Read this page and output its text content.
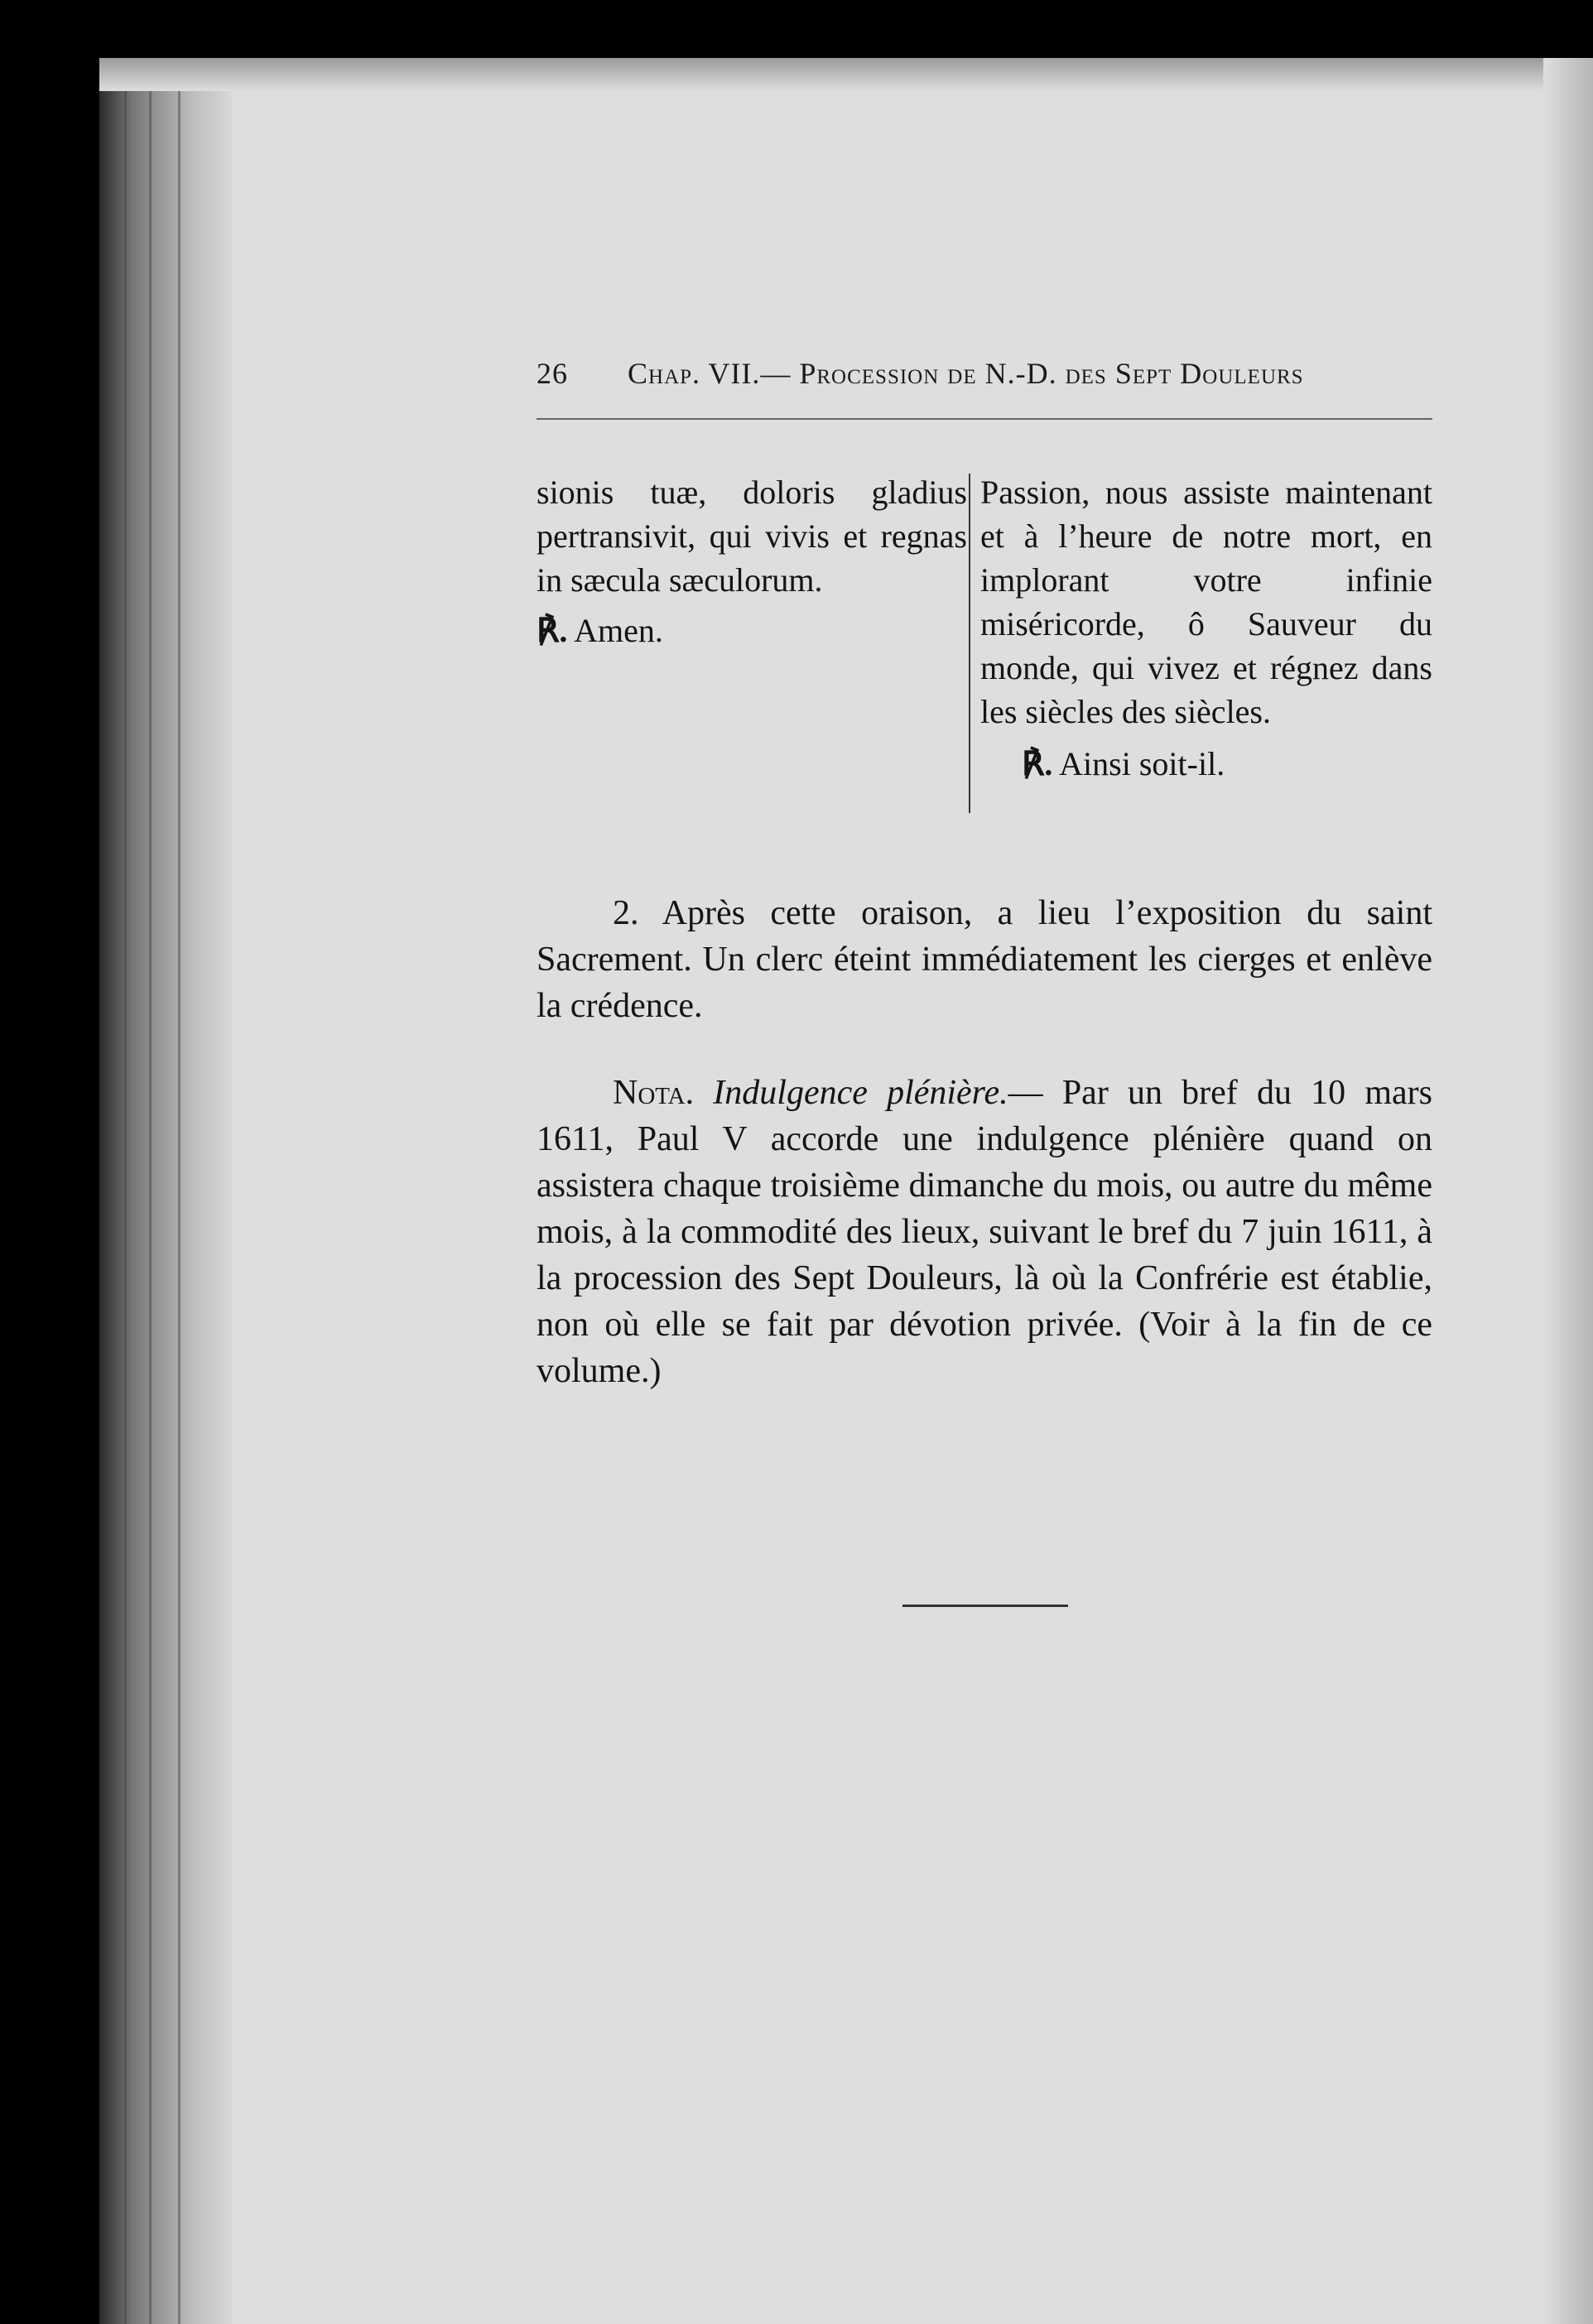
26 Chap. VII.— Procession de N.-D. des Sept Douleurs

sionis tuæ, doloris gladius pertransivit, qui vivis et regnas in sæcula sæculorum.

℟. Amen.

Passion, nous assiste maintenant et à l’heure de notre mort, en implorant votre infinie miséricorde, ô Sauveur du monde, qui vivez et régnez dans les siècles des siècles.

℟. Ainsi soit-il.

2. Après cette oraison, a lieu l’exposition du saint Sacrement. Un clerc éteint immédiatement les cierges et enlève la crédence.
Nota. Indulgence plénière.— Par un bref du 10 mars 1611, Paul V accorde une indulgence plénière quand on assistera chaque troisième dimanche du mois, ou autre du même mois, à la commodité des lieux, suivant le bref du 7 juin 1611, à la procession des Sept Douleurs, là où la Confrérie est établie, non où elle se fait par dévotion privée. (Voir à la fin de ce volume.)
